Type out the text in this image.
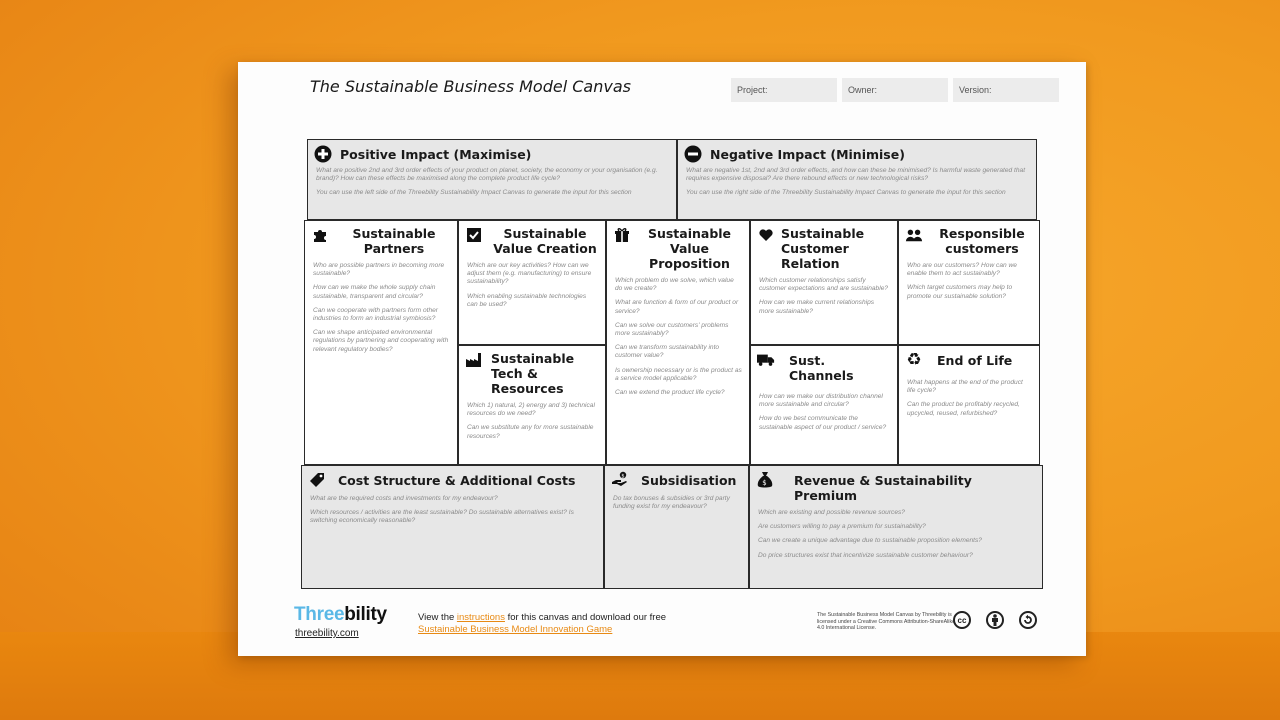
The Sustainable Business Model Canvas	Project:	Owner:	Version:
Positive Impact (Maximise)

What are positive 2nd and 3rd order effects of your product on planet, society, the economy or your organisation (e.g. brand)? How can these effects be maximised along the complete product life cycle?

You can use the left side of the Threebility Sustainability Impact Canvas to generate the input for this section

Negative Impact (Minimise)

What are negative 1st, 2nd and 3rd order effects, and how can these be minimised? Is harmful waste generated that requires expensive disposal? Are there rebound effects or new technological risks?

You can use the right side of the Threebility Sustainability Impact Canvas to generate the input for this section

Sustainable Partners

Who are possible partners in becoming more sustainable?

How can we make the whole supply chain sustainable, transparent and circular?

Can we cooperate with partners form other industries to form an industrial symbiosis?

Can we shape anticipated environmental regulations by partnering and cooperating with relevant regulatory bodies?

Sustainable Value Creation

Which are our key activities? How can we adjust them (e.g. manufacturing) to ensure sustainability?

Which enabling sustainable technologies can be used?

Sustainable Tech & Resources

Which 1) natural, 2) energy and 3) technical resources do we need?

Can we substitute any for more sustainable resources?

Sustainable Value Proposition

Which problem do we solve, which value do we create?

What are function & form of our product or service?

Can we solve our customers' problems more sustainably?

Can we transform sustainability into customer value?

Is ownership necessary or is the product as a service model applicable?

Can we extend the product life cycle?

Sustainable Customer Relation

Which customer relationships satisfy customer expectations and are sustainable?

How can we make current relationships more sustainable?

Responsible customers

Who are our customers? How can we enable them to act sustainably?

Which target customers may help to promote our sustainable solution?

Sust. Channels

How can we make our distribution channel more sustainable and circular?

How do we best communicate the sustainable aspect of our product / service?

♻ End of Life

What happens at the end of the product life cycle?

Can the product be profitably recycled, upcycled, reused, refurbished?

Cost Structure & Additional Costs

What are the required costs and investments for my endeavour?

Which resources / activities are the least sustainable? Do sustainable alternatives exist? Is switching economically reasonable?

$ Subsidisation

Do tax bonuses & subsidies or 3rd party funding exist for my endeavour?

$ Revenue & Sustainability Premium

Which are existing and possible revenue sources?

Are customers willing to pay a premium for sustainability?

Can we create a unique advantage due to sustainable proposition elements?

Do price structures exist that incentivize sustainable customer behaviour?

Threebility
threebility.com
View the instructions for this canvas and download our free Sustainable Business Model Innovation Game
The Sustainable Business Model Canvas by Threebility is licensed under a Creative Commons Attribution-ShareAlike 4.0 International License.
cc
